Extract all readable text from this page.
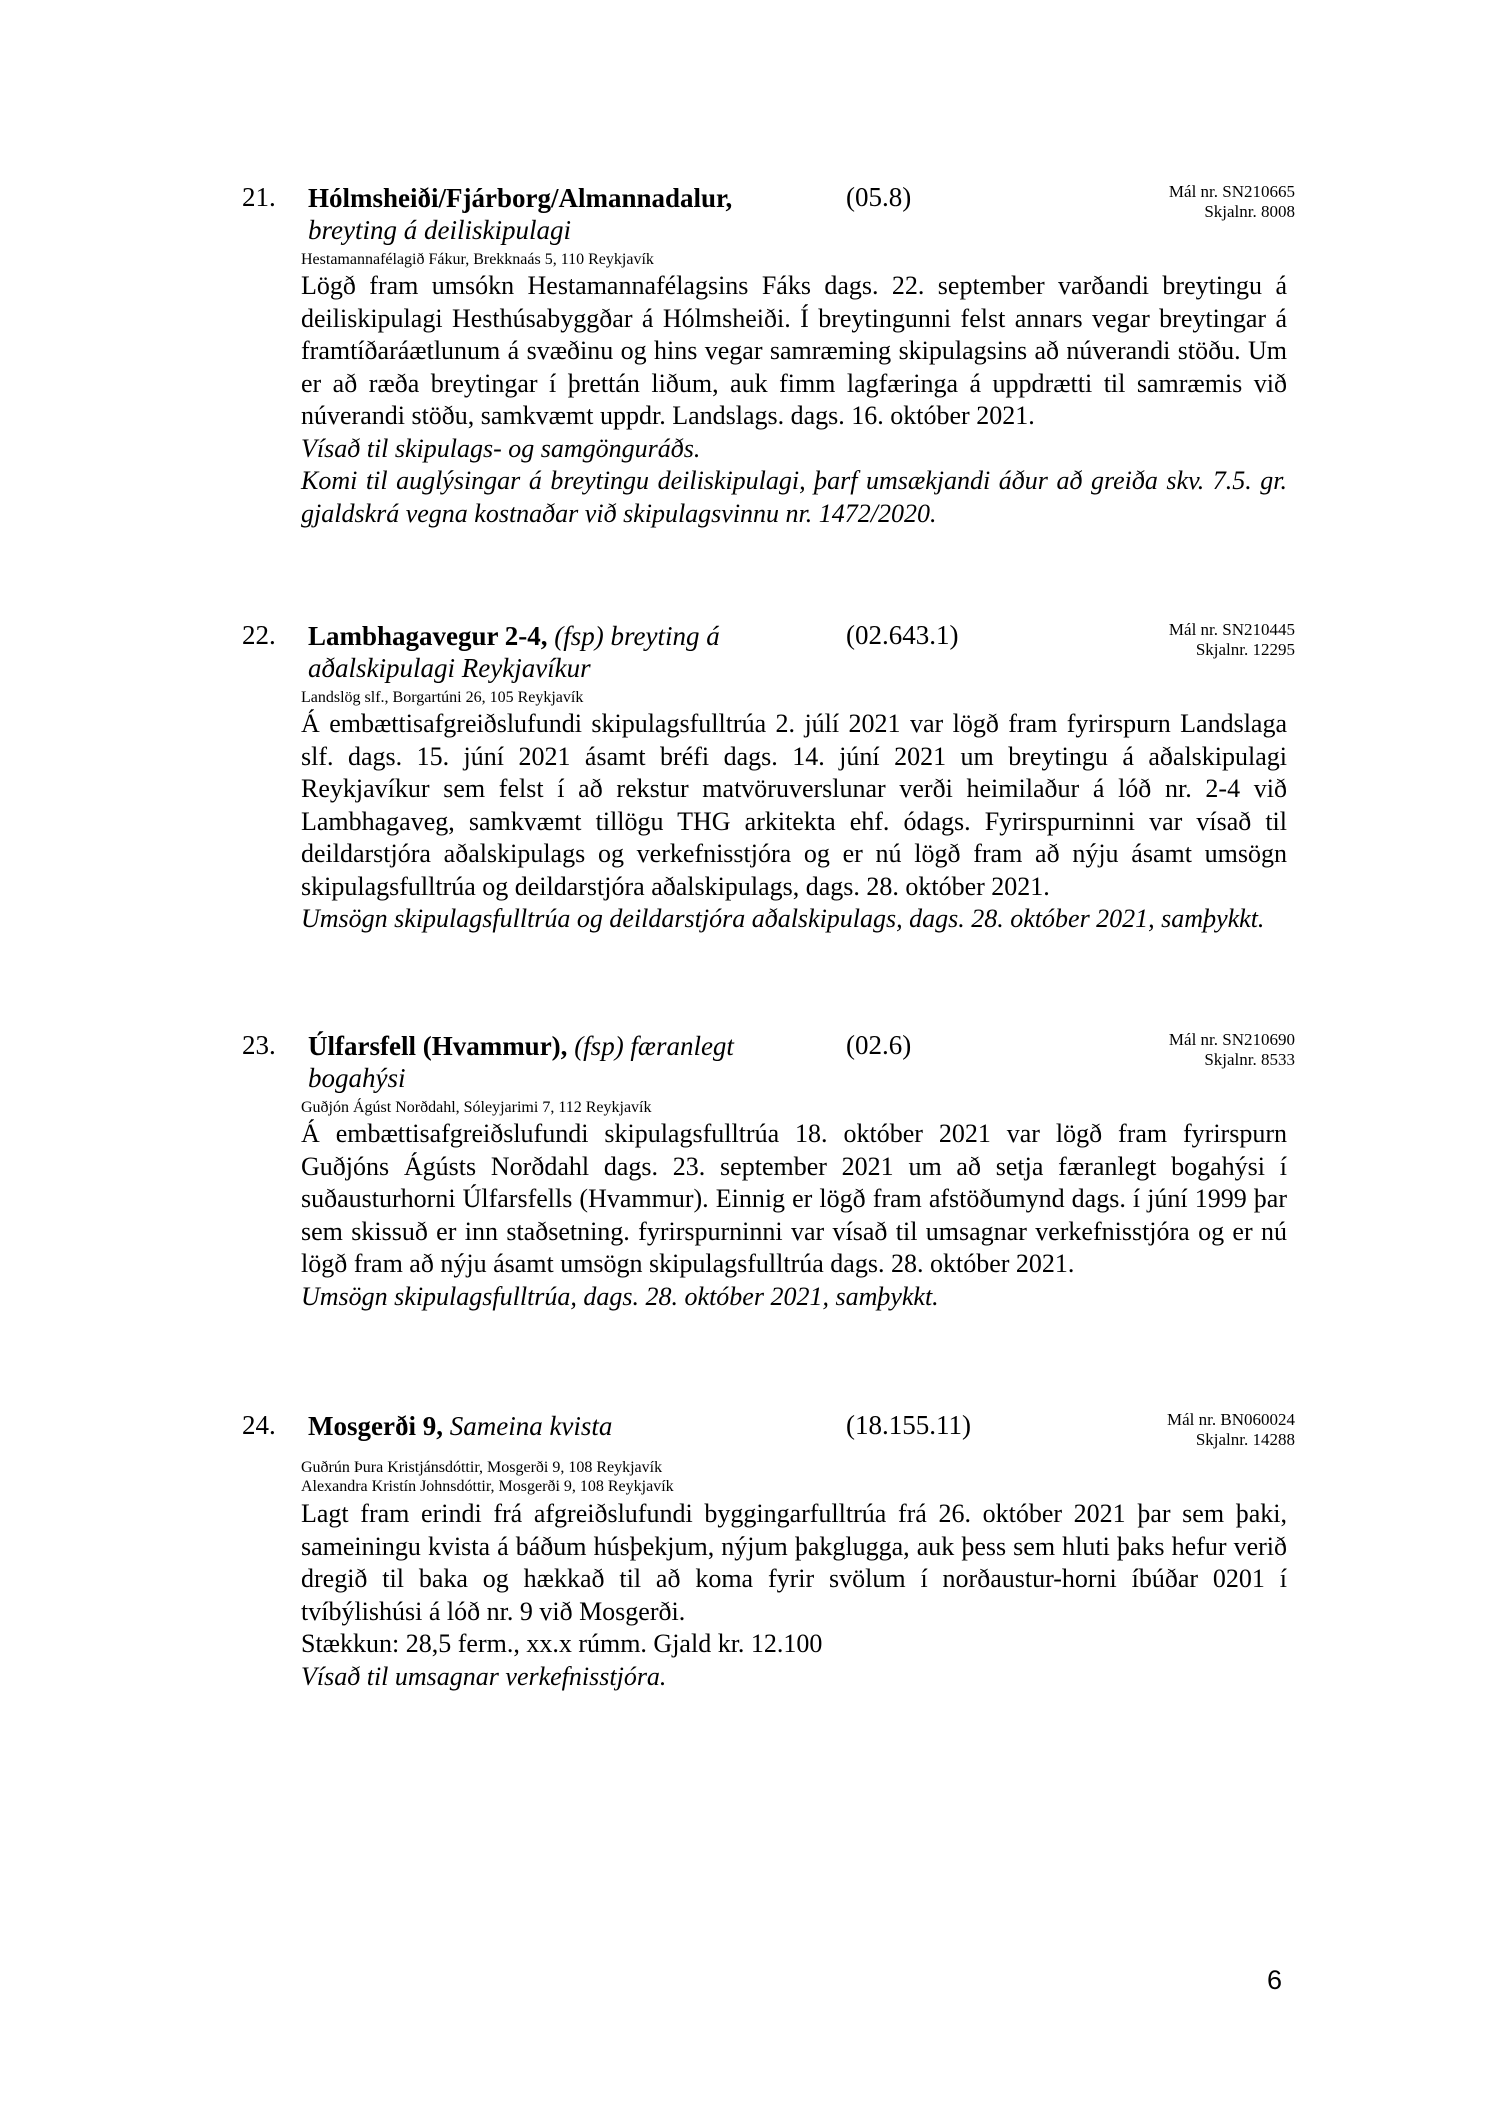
21. Hólmsheiði/Fjárborg/Almannadalur,
breyting á deiliskipulagi
(05.8)	Mál nr. SN210665
Skjalnr. 8008
Hestamannafélagið Fákur, Brekknaás 5, 110 Reykjavík

Lögð fram umsókn Hestamannafélagsins Fáks dags. 22. september varðandi breytingu á deiliskipulagi Hesthúsabyggðar á Hólmsheiði. Í breytingunni felst annars vegar breytingar á framtíðaráætlunum á svæðinu og hins vegar samræming skipulagsins að núverandi stöðu. Um er að ræða breytingar í þrettán liðum, auk fimm lagfæringa á uppdrætti til samræmis við núverandi stöðu, samkvæmt uppdr. Landslags. dags. 16. október 2021.

Vísað til skipulags- og samgönguráðs.

Komi til auglýsingar á breytingu deiliskipulagi, þarf umsækjandi áður að greiða skv. 7.5. gr. gjaldskrá vegna kostnaðar við skipulagsvinnu nr. 1472/2020.

22. Lambhagavegur 2-4, (fsp) breyting á aðalskipulagi Reykjavíkur
(02.643.1)	Mál nr. SN210445
Skjalnr. 12295
Landslög slf., Borgartúni 26, 105 Reykjavík

Á embættisafgreiðslufundi skipulagsfulltrúa 2. júlí 2021 var lögð fram fyrirspurn Landslaga slf. dags. 15. júní 2021 ásamt bréfi dags. 14. júní 2021 um breytingu á aðalskipulagi Reykjavíkur sem felst í að rekstur matvöruverslunar verði heimilaður á lóð nr. 2-4 við Lambhagaveg, samkvæmt tillögu THG arkitekta ehf. ódags. Fyrirspurninni var vísað til deildarstjóra aðalskipulags og verkefnisstjóra og er nú lögð fram að nýju ásamt umsögn skipulagsfulltrúa og deildarstjóra aðalskipulags, dags. 28. október 2021.

Umsögn skipulagsfulltrúa og deildarstjóra aðalskipulags, dags. 28. október 2021, samþykkt.

23. Úlfarsfell (Hvammur), (fsp) færanlegt bogahýsi
(02.6)	Mál nr. SN210690
Skjalnr. 8533
Guðjón Ágúst Norðdahl, Sóleyjarimi 7, 112 Reykjavík

Á embættisafgreiðslufundi skipulagsfulltrúa 18. október 2021 var lögð fram fyrirspurn Guðjóns Ágústs Norðdahl dags. 23. september 2021 um að setja færanlegt bogahýsi í suðausturhorni Úlfarsfells (Hvammur). Einnig er lögð fram afstöðumynd dags. í júní 1999 þar sem skissuð er inn staðsetning. fyrirspurninni var vísað til umsagnar verkefnisstjóra og er nú lögð fram að nýju ásamt umsögn skipulagsfulltrúa dags. 28. október 2021.

Umsögn skipulagsfulltrúa, dags. 28. október 2021, samþykkt.

24. Mosgerði 9, Sameina kvista	(18.155.11)	Mál nr. BN060024
Skjalnr. 14288
Guðrún Þura Kristjánsdóttir, Mosgerði 9, 108 Reykjavík
Alexandra Kristín Johnsdóttir, Mosgerði 9, 108 Reykjavík

Lagt fram erindi frá afgreiðslufundi byggingarfulltrúa frá 26. október 2021 þar sem þaki, sameiningu kvista á báðum húsþekjum, nýjum þakglugga, auk þess sem hluti þaks hefur verið dregið til baka og hækkað til að koma fyrir svölum í norðaustur-horni íbúðar 0201 í tvíbýlishúsi á lóð nr. 9 við Mosgerði.

Stækkun: 28,5 ferm., xx.x rúmm. Gjald kr. 12.100

Vísað til umsagnar verkefnisstjóra.

6
